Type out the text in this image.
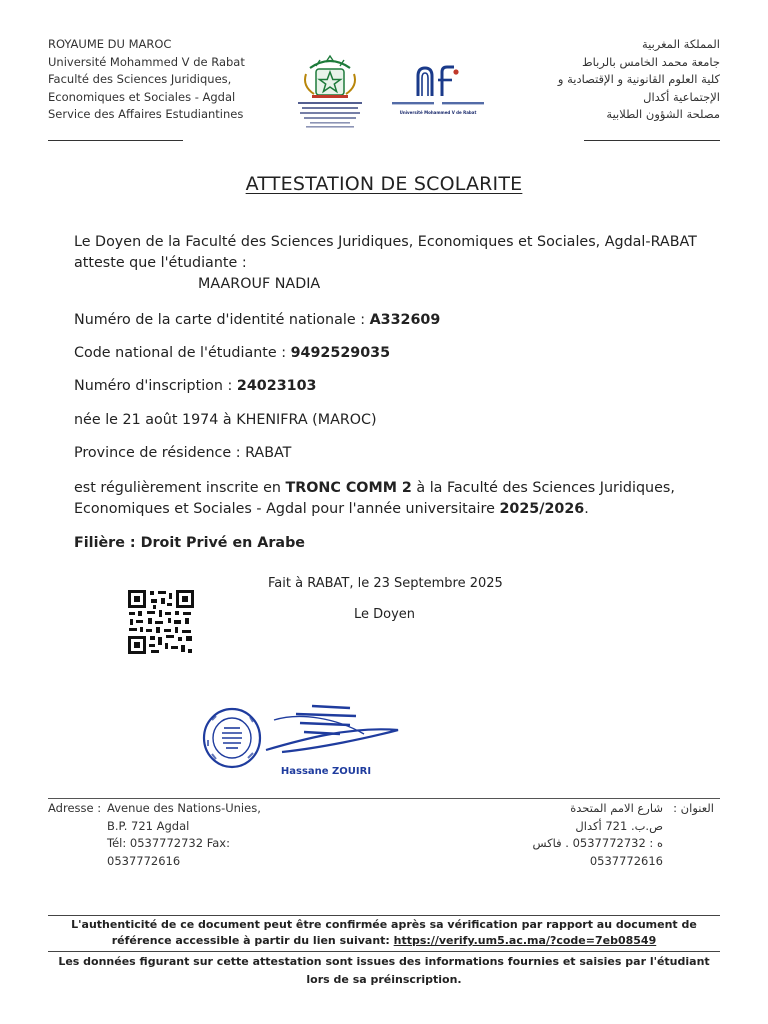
ROYAUME DU MAROC
Université Mohammed V de Rabat
Faculté des Sciences Juridiques,
Economiques et Sociales - Agdal
Service des Affaires Estudiantines
المملكة المغربية
جامعة محمد الخامس بالرباط
كلية العلوم القانونية و الإقتصادية و
الإجتماعية أكدال
مصلحة الشؤون الطلابية
Université Mohammed V de Rabat
ATTESTATION DE SCOLARITE
Le Doyen de la Faculté des Sciences Juridiques, Economiques et Sociales, Agdal-RABAT atteste que l'étudiante :
MAAROUF NADIA
Numéro de la carte d'identité nationale : A332609
Code national de l'étudiante : 9492529035
Numéro d'inscription : 24023103
née le 21 août 1974 à KHENIFRA (MAROC)
Province de résidence : RABAT
est régulièrement inscrite en TRONC COMM 2 à la Faculté des Sciences Juridiques, Economiques et Sociales - Agdal pour l'année universitaire 2025/2026.
Filière : Droit Privé en Arabe
Fait à RABAT, le 23 Septembre 2025
Le Doyen
Hassane ZOUIRI
Adresse : Avenue des Nations-Unies,
B.P. 721 Agdal
Tél: 0537772732 Fax:
0537772616
العنوان :
شارع الامم المتحدة
ص.ب. 721 أكدال
ه : 0537772732 . فاكس
0537772616
L'authenticité de ce document peut être confirmée après sa vérification par rapport au document de référence accessible à partir du lien suivant: https://verify.um5.ac.ma/?code=7eb08549
Les données figurant sur cette attestation sont issues des informations fournies et saisies par l'étudiant lors de sa préinscription.
